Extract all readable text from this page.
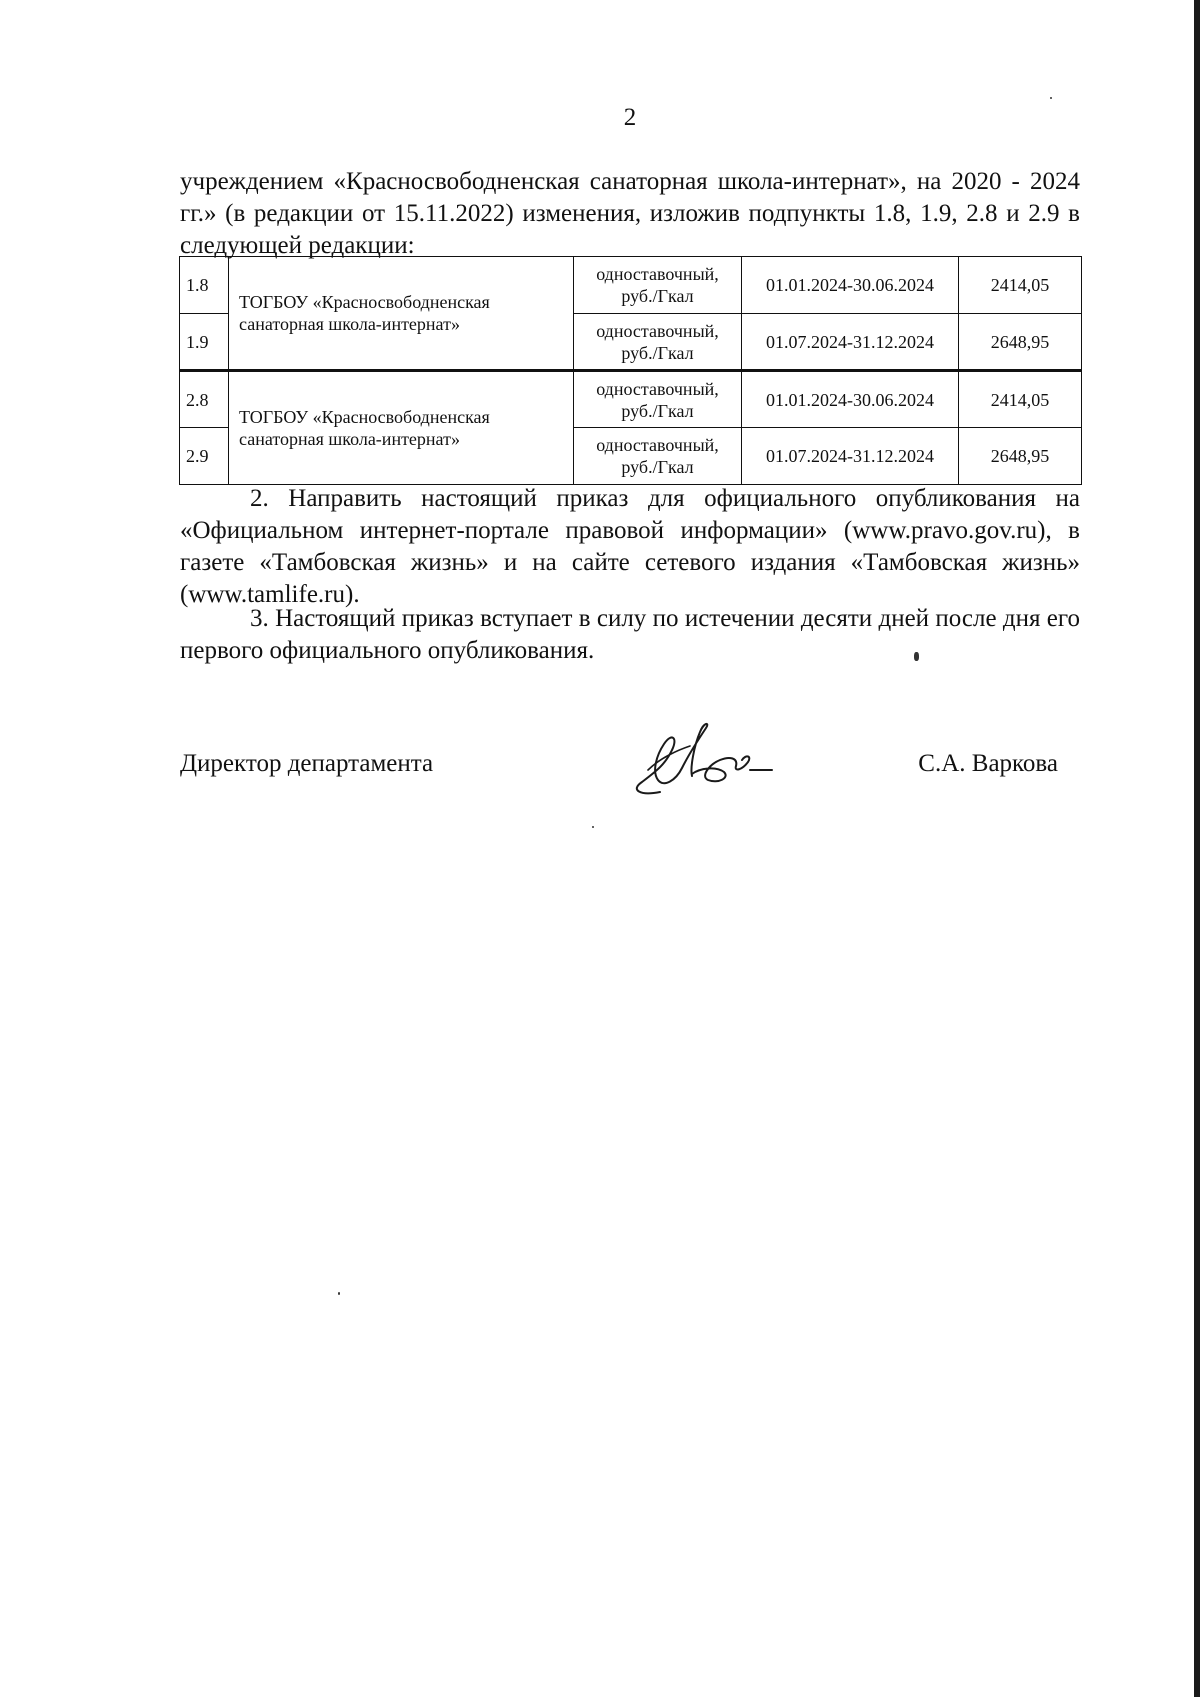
2
учреждением «Красносвободненская санаторная школа-интернат», на 2020 - 2024 гг.» (в редакции от 15.11.2022) изменения, изложив подпункты 1.8, 1.9, 2.8 и 2.9 в следующей редакции:
1.8	ТОГБОУ «Красносвободненская санаторная школа-интернат»	одноставочный, руб./Гкал	01.01.2024-30.06.2024	2414,05
1.9		одноставочный, руб./Гкал	01.07.2024-31.12.2024	2648,95
2.8	ТОГБОУ «Красносвободненская санаторная школа-интернат»	одноставочный, руб./Гкал	01.01.2024-30.06.2024	2414,05
2.9		одноставочный, руб./Гкал	01.07.2024-31.12.2024	2648,95
2. Направить настоящий приказ для официального опубликования на «Официальном интернет-портале правовой информации» (www.pravo.gov.ru), в газете «Тамбовская жизнь» и на сайте сетевого издания «Тамбовская жизнь» (www.tamlife.ru).
3. Настоящий приказ вступает в силу по истечении десяти дней после дня его первого официального опубликования.
Директор департамента	С.А. Варкова
